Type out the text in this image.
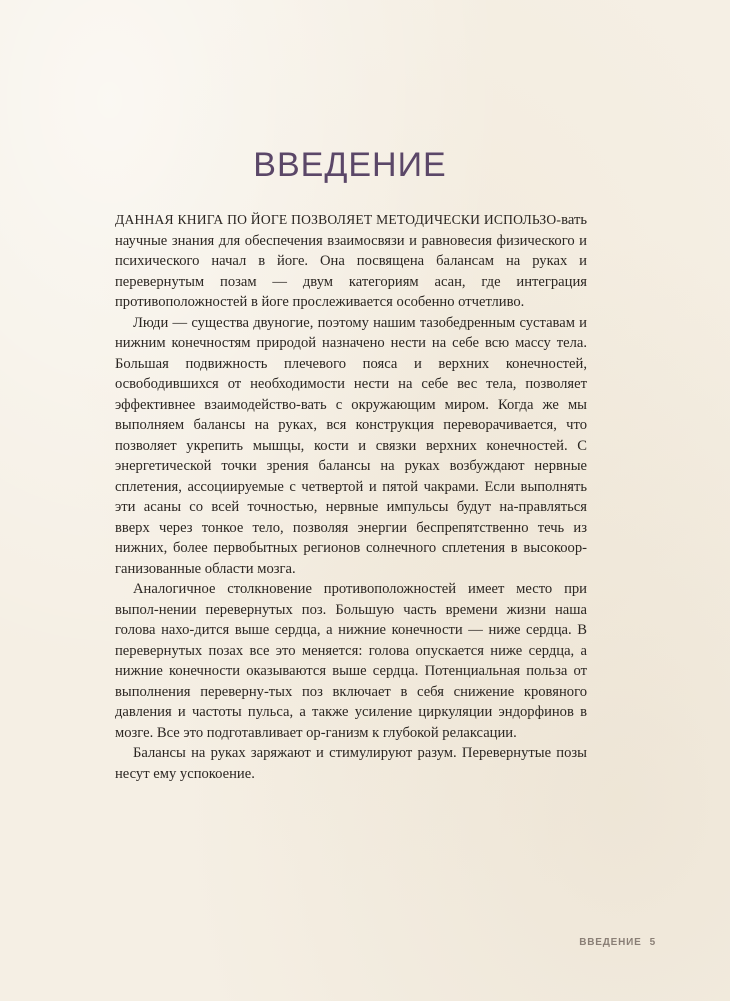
ВВЕДЕНИЕ

ДАННАЯ КНИГА ПО ЙОГЕ ПОЗВОЛЯЕТ МЕТОДИЧЕСКИ ИСПОЛЬЗО-вать научные знания для обеспечения взаимосвязи и равновесия физического и психического начал в йоге. Она посвящена балансам на руках и перевернутым позам — двум категориям асан, где интеграция противоположностей в йоге прослеживается особенно отчетливо.

Люди — существа двуногие, поэтому нашим тазобедренным суставам и нижним конечностям природой назначено нести на себе всю массу тела. Большая подвижность плечевого пояса и верхних конечностей, освободившихся от необходимости нести на себе вес тела, позволяет эффективнее взаимодейство-вать с окружающим миром. Когда же мы выполняем балансы на руках, вся конструкция переворачивается, что позволяет укрепить мышцы, кости и связки верхних конечностей. С энергетической точки зрения балансы на руках возбуждают нервные сплетения, ассоциируемые с четвертой и пятой чакрами. Если выполнять эти асаны со всей точностью, нервные импульсы будут на-правляться вверх через тонкое тело, позволяя энергии беспрепятственно течь из нижних, более первобытных регионов солнечного сплетения в высокоор-ганизованные области мозга.

Аналогичное столкновение противоположностей имеет место при выпол-нении перевернутых поз. Большую часть времени жизни наша голова нахо-дится выше сердца, а нижние конечности — ниже сердца. В перевернутых позах все это меняется: голова опускается ниже сердца, а нижние конечности оказываются выше сердца. Потенциальная польза от выполнения переверну-тых поз включает в себя снижение кровяного давления и частоты пульса, а также усиление циркуляции эндорфинов в мозге. Все это подготавливает ор-ганизм к глубокой релаксации.

Балансы на руках заряжают и стимулируют разум. Перевернутые позы несут ему успокоение.

ВВЕДЕНИЕ 5
